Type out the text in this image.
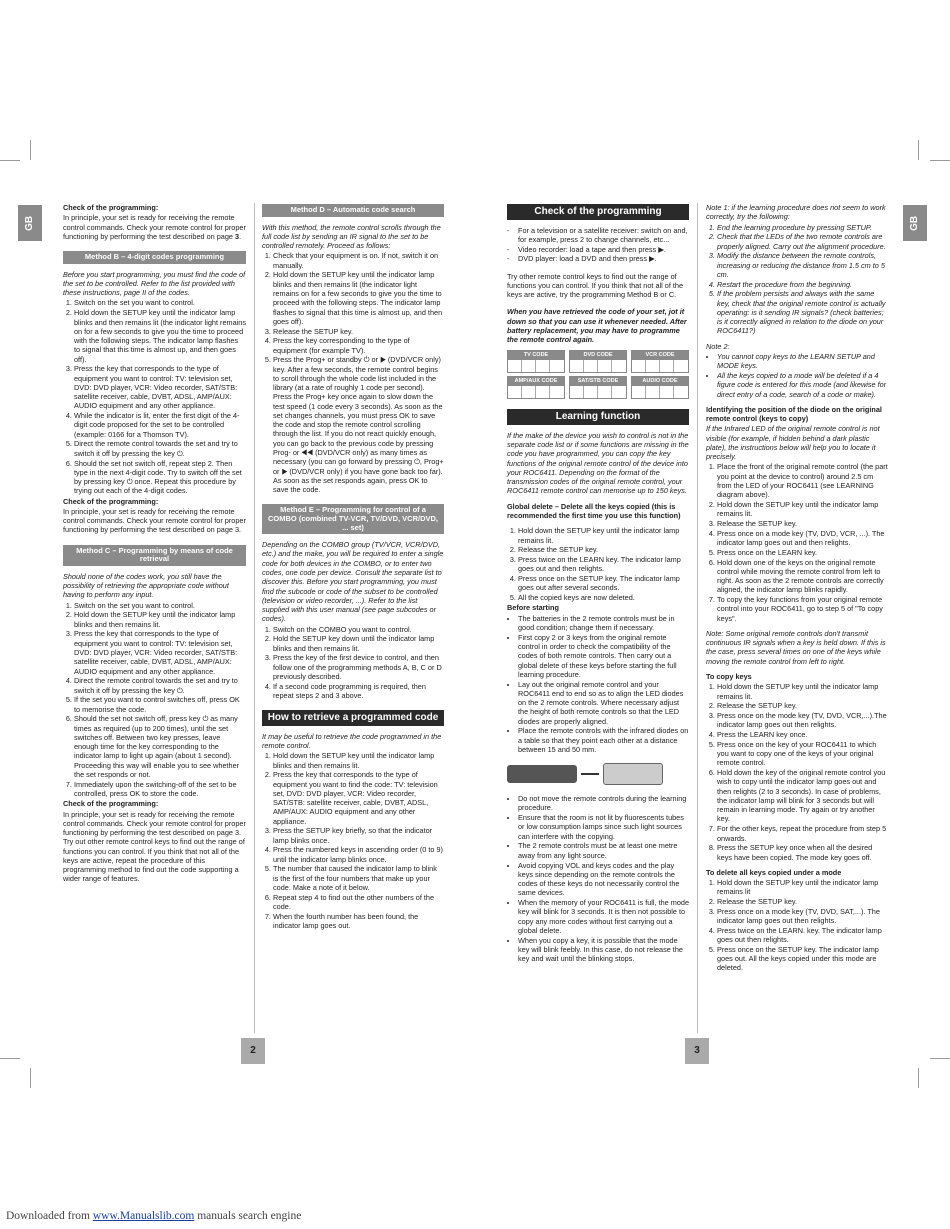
GB	GB

Check of the programming:

In principle, your set is ready for receiving the remote control commands. Check your remote control for proper functioning by performing the test described on page 3.

Method B – 4-digit codes programming

Before you start programming, you must find the code of the set to be controlled. Refer to the list provided with these instructions, page II of the codes.

1. Switch on the set you want to control.
2. Hold down the SETUP key until the indicator lamp blinks and then remains lit (the indicator light remains on for a few seconds to give you the time to proceed with the following steps. The indicator lamp flashes to signal that this time is almost up, and then goes off).
3. Press the key that corresponds to the type of equipment you want to control: TV: television set, DVD: DVD player, VCR: Video recorder, SAT/STB: satellite receiver, cable, DVBT, ADSL, AMP/AUX: AUDIO equipment and any other appliance.
4. While the indicator is lit, enter the first digit of the 4-digit code proposed for the set to be controlled (example: 0166 for a Thomson TV).
5. Direct the remote control towards the set and try to switch it off by pressing the key ⏻.
6. Should the set not switch off, repeat step 2. Then type in the next 4-digit code. Try to switch off the set by pressing key ⏻ once. Repeat this procedure by trying out each of the 4-digit codes.

Check of the programming:

In principle, your set is ready for receiving the remote control commands. Check your remote control for proper functioning by performing the test described on page 3.

Method C – Programming by means of code retrieval

Should none of the codes work, you still have the possibility of retrieving the appropriate code without having to perform any input.

1. Switch on the set you want to control.
2. Hold down the SETUP key until the indicator lamp blinks and then remains lit.
3. Press the key that corresponds to the type of equipment you want to control: TV: television set, DVD: DVD player, VCR: Video recorder, SAT/STB: satellite receiver, cable, DVBT, ADSL, AMP/AUX: AUDIO equipment and any other appliance.
4. Direct the remote control towards the set and try to switch it off by pressing the key ⏻.
5. If the set you want to control switches off, press OK to memorise the code.
6. Should the set not switch off, press key ⏻ as many times as required (up to 200 times), until the set switches off. Between two key presses, leave enough time for the key corresponding to the indicator lamp to light up again (about 1 second). Proceeding this way will enable you to see whether the set responds or not.
7. Immediately upon the switching-off of the set to be controlled, press OK to store the code.

Check of the programming:

In principle, your set is ready for receiving the remote control commands. Check your remote control for proper functioning by performing the test described on page 3. Try out other remote control keys to find out the range of functions you can control. If you think that not all of the keys are active, repeat the procedure of this programming method to find out the code supporting a wider range of features.

Method D – Automatic code search

With this method, the remote control scrolls through the full code list by sending an IR signal to the set to be controlled remotely. Proceed as follows:

1. Check that your equipment is on. If not, switch it on manually.
2. Hold down the SETUP key until the indicator lamp blinks and then remains lit (the indicator light remains on for a few seconds to give you the time to proceed with the following steps. The indicator lamp flashes to signal that this time is almost up, and then goes off).
3. Release the SETUP key.
4. Press the key corresponding to the type of equipment (for example TV).
5. Press the Prog+ or standby ⏻ or ▶ (DVD/VCR only) key. After a few seconds, the remote control begins to scroll through the whole code list included in the library (at a rate of roughly 1 code per second). Press the Prog+ key once again to slow down the test speed (1 code every 3 seconds). As soon as the set changes channels, you must press OK to save the code and stop the remote control scrolling through the list. If you do not react quickly enough, you can go back to the previous code by pressing Prog- or ◀◀ (DVD/VCR only) as many times as necessary (you can go forward by pressing ⏻, Prog+ or ▶ (DVD/VCR only) if you have gone back too far). As soon as the set responds again, press OK to save the code.
Method E – Programming for control of a COMBO (combined TV-VCR, TV/DVD, VCR/DVD, ... set)

Depending on the COMBO group (TV/VCR, VCR/DVD, etc.) and the make, you will be required to enter a single code for both devices in the COMBO, or to enter two codes, one code per device. Consult the separate list to discover this. Before you start programming, you must find the subcode or code of the subset to be controlled (television or video recorder, ...). Refer to the list supplied with this user manual (see page subcodes or codes).

1. Switch on the COMBO you want to control.
2. Hold the SETUP key down until the indicator lamp blinks and then remains lit.
3. Press the key of the first device to control, and then follow one of the programming methods A, B, C or D previously described.
4. If a second code programming is required, then repeat steps 2 and 3 above.
How to retrieve a programmed code

It may be useful to retrieve the code programmed in the remote control.

1. Hold down the SETUP key until the indicator lamp blinks and then remains lit.
2. Press the key that corresponds to the type of equipment you want to find the code: TV: television set, DVD: DVD player, VCR: Video recorder, SAT/STB: satellite receiver, cable, DVBT, ADSL, AMP/AUX: AUDIO equipment and any other appliance.
3. Press the SETUP key briefly, so that the indicator lamp blinks once.
4. Press the numbered keys in ascending order (0 to 9) until the indicator lamp blinks once.
5. The number that caused the indicator lamp to blink is the first of the four numbers that make up your code. Make a note of it below.
6. Repeat step 4 to find out the other numbers of the code.
7. When the fourth number has been found, the indicator lamp goes out.
Check of the programming
- For a television or a satellite receiver: switch on and, for example, press 2 to change channels, etc...
- Video recorder: load a tape and then press ▶.
- DVD player: load a DVD and then press ▶.

Try other remote control keys to find out the range of functions you can control. If you think that not all of the keys are active, try the programming Method B or C.

When you have retrieved the code of your set, jot it down so that you can use it whenever needed. After battery replacement, you may have to programme the remote control again.

TV CODE	DVD CODE	VCR CODE
AMP/AUX CODE	SAT/STB CODE	AUDIO CODE
Learning function

If the make of the device you wish to control is not in the separate code list or if some functions are missing in the code you have programmed, you can copy the key functions of the original remote control of the device into your ROC6411. Depending on the format of the transmission codes of the original remote control, your ROC6411 remote control can memorise up to 150 keys.

Global delete – Delete all the keys copied (this is recommended the first time you use this function)

1. Hold down the SETUP key until the indicator lamp remains lit.
2. Release the SETUP key.
3. Press twice on the LEARN key. The indicator lamp goes out and then relights.
4. Press once on the SETUP key. The indicator lamp goes out after several seconds.
5. All the copied keys are now deleted.

Before starting

• The batteries in the 2 remote controls must be in good condition; change them if necessary.
• First copy 2 or 3 keys from the original remote control in order to check the compatibility of the codes of both remote controls. Then carry out a global delete of these keys before starting the full learning procedure.
• Lay out the original remote control and your ROC6411 end to end so as to align the LED diodes on the 2 remote controls. Where necessary adjust the height of both remote controls so that the LED diodes are properly aligned.
• Place the remote controls with the infrared diodes on a table so that they point each other at a distance between 15 and 50 mm.
• Do not move the remote controls during the learning procedure.
• Ensure that the room is not lit by fluorescents tubes or low consumption lamps since such light sources can interfere with the copying.
• The 2 remote controls must be at least one metre away from any light source.
• Avoid copying VOL and keys codes and the play keys since depending on the remote controls the codes of these keys do not necessarily control the same devices.
• When the memory of your ROC6411 is full, the mode key will blink for 3 seconds. It is then not possible to copy any more codes without first carrying out a global delete.
• When you copy a key, it is possible that the mode key will blink feebly. In this case, do not release the key and wait until the blinking stops.

Note 1: if the learning procedure does not seem to work correctly, try the following:

1. End the learning procedure by pressing SETUP.
2. Check that the LEDs of the two remote controls are properly aligned. Carry out the alignment procedure.
3. Modify the distance between the remote controls, increasing or reducing the distance from 1.5 cm to 5 cm.
4. Restart the procedure from the beginning.
5. If the problem persists and always with the same key, check that the original remote control is actually operating: is it sending IR signals? (check batteries; is it correctly aligned in relation to the diode on your ROC6411?)

Note 2:

• You cannot copy keys to the LEARN SETUP and MODE keys.
• All the keys copied to a mode will be deleted if a 4 figure code is entered for this mode (and likewise for direct entry of a code, search of a code or make).

Identifying the position of the diode on the original remote control (keys to copy)

If the Infrared LED of the original remote control is not visible (for example, if hidden behind a dark plastic plate), the instructions below will help you to locate it precisely.

1. Place the front of the original remote control (the part you point at the device to control) around 2.5 cm from the LED of your ROC6411 (see LEARNING diagram above).
2. Hold down the SETUP key until the indicator lamp remains lit.
3. Release the SETUP key.
4. Press once on a mode key (TV, DVD, VCR, ...). The indicator lamp goes out and then relights.
5. Press once on the LEARN key.
6. Hold down one of the keys on the original remote control while moving the remote control from left to right. As soon as the 2 remote controls are correctly aligned, the indicator lamp blinks rapidly.
7. To copy the key functions from your original remote control into your ROC6411, go to step 5 of "To copy keys".

Note: Some original remote controls don't transmit continuous IR signals when a key is held down. If this is the case, press several times on one of the keys while moving the remote control from left to right.

To copy keys

1. Hold down the SETUP key until the indicator lamp remains lit.
2. Release the SETUP key.
3. Press once on the mode key (TV, DVD, VCR,...).The indicator lamp goes out then relights.
4. Press the LEARN key once.
5. Press once on the key of your ROC6411 to which you want to copy one of the keys of your original remote control.
6. Hold down the key of the original remote control you wish to copy until the indicator lamp goes out and then relights (2 to 3 seconds). In case of problems, the indicator lamp will blink for 3 seconds but will remain in learning mode. Try again or try another key.
7. For the other keys, repeat the procedure from step 5 onwards.
8. Press the SETUP key once when all the desired keys have been copied. The mode key goes off.

To delete all keys copied under a mode

1. Hold down the SETUP key until the indicator lamp remains lit
2. Release the SETUP key.
3. Press once on a mode key (TV, DVD, SAT,...). The indicator lamp goes out then relights.
4. Press twice on the LEARN. key. The indicator lamp goes out then relights.
5. Press once on the SETUP key. The indicator lamp goes out. All the keys copied under this mode are deleted.
2	3
Downloaded from www.Manualslib.com manuals search engine
